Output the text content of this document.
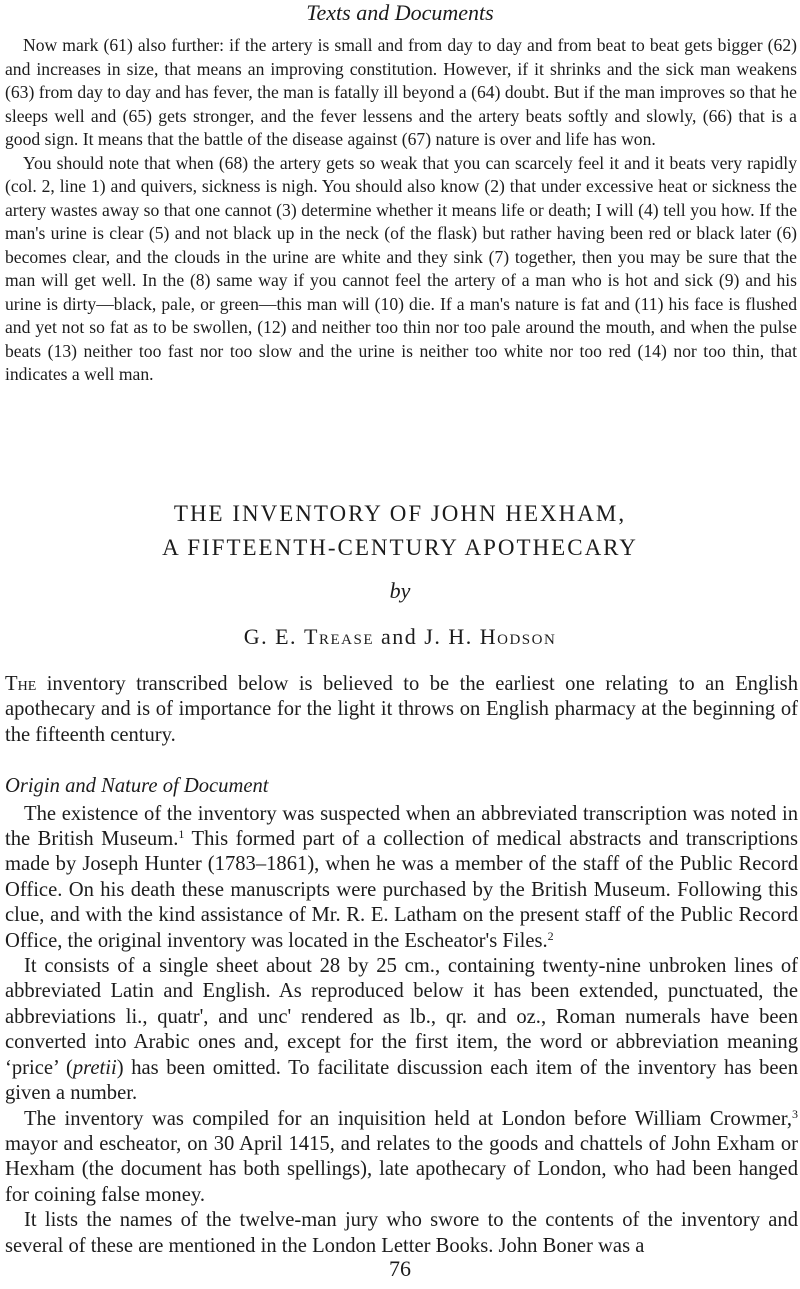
Texts and Documents

Now mark (61) also further: if the artery is small and from day to day and from beat to beat gets bigger (62) and increases in size, that means an improving constitution. However, if it shrinks and the sick man weakens (63) from day to day and has fever, the man is fatally ill beyond a (64) doubt. But if the man improves so that he sleeps well and (65) gets stronger, and the fever lessens and the artery beats softly and slowly, (66) that is a good sign. It means that the battle of the disease against (67) nature is over and life has won.

You should note that when (68) the artery gets so weak that you can scarcely feel it and it beats very rapidly (col. 2, line 1) and quivers, sickness is nigh. You should also know (2) that under excessive heat or sickness the artery wastes away so that one cannot (3) determine whether it means life or death; I will (4) tell you how. If the man's urine is clear (5) and not black up in the neck (of the flask) but rather having been red or black later (6) becomes clear, and the clouds in the urine are white and they sink (7) together, then you may be sure that the man will get well. In the (8) same way if you cannot feel the artery of a man who is hot and sick (9) and his urine is dirty—black, pale, or green—this man will (10) die. If a man's nature is fat and (11) his face is flushed and yet not so fat as to be swollen, (12) and neither too thin nor too pale around the mouth, and when the pulse beats (13) neither too fast nor too slow and the urine is neither too white nor too red (14) nor too thin, that indicates a well man.

THE INVENTORY OF JOHN HEXHAM,
A FIFTEENTH-CENTURY APOTHECARY
by
G. E. Trease and J. H. Hodson

The inventory transcribed below is believed to be the earliest one relating to an English apothecary and is of importance for the light it throws on English pharmacy at the beginning of the fifteenth century.

Origin and Nature of Document

The existence of the inventory was suspected when an abbreviated transcription was noted in the British Museum.$^1$ This formed part of a collection of medical abstracts and transcriptions made by Joseph Hunter (1783–1861), when he was a member of the staff of the Public Record Office. On his death these manuscripts were purchased by the British Museum. Following this clue, and with the kind assistance of Mr. R. E. Latham on the present staff of the Public Record Office, the original inventory was located in the Escheator's Files.$^2$

It consists of a single sheet about 28 by 25 cm., containing twenty-nine unbroken lines of abbreviated Latin and English. As reproduced below it has been extended, punctuated, the abbreviations li., quatr', and unc' rendered as lb., qr. and oz., Roman numerals have been converted into Arabic ones and, except for the first item, the word or abbreviation meaning ‘price’ (pretii) has been omitted. To facilitate discussion each item of the inventory has been given a number.

The inventory was compiled for an inquisition held at London before William Crowmer,$^3$ mayor and escheator, on 30 April 1415, and relates to the goods and chattels of John Exham or Hexham (the document has both spellings), late apothecary of London, who had been hanged for coining false money.

It lists the names of the twelve-man jury who swore to the contents of the inventory and several of these are mentioned in the London Letter Books. John Boner was a

76
